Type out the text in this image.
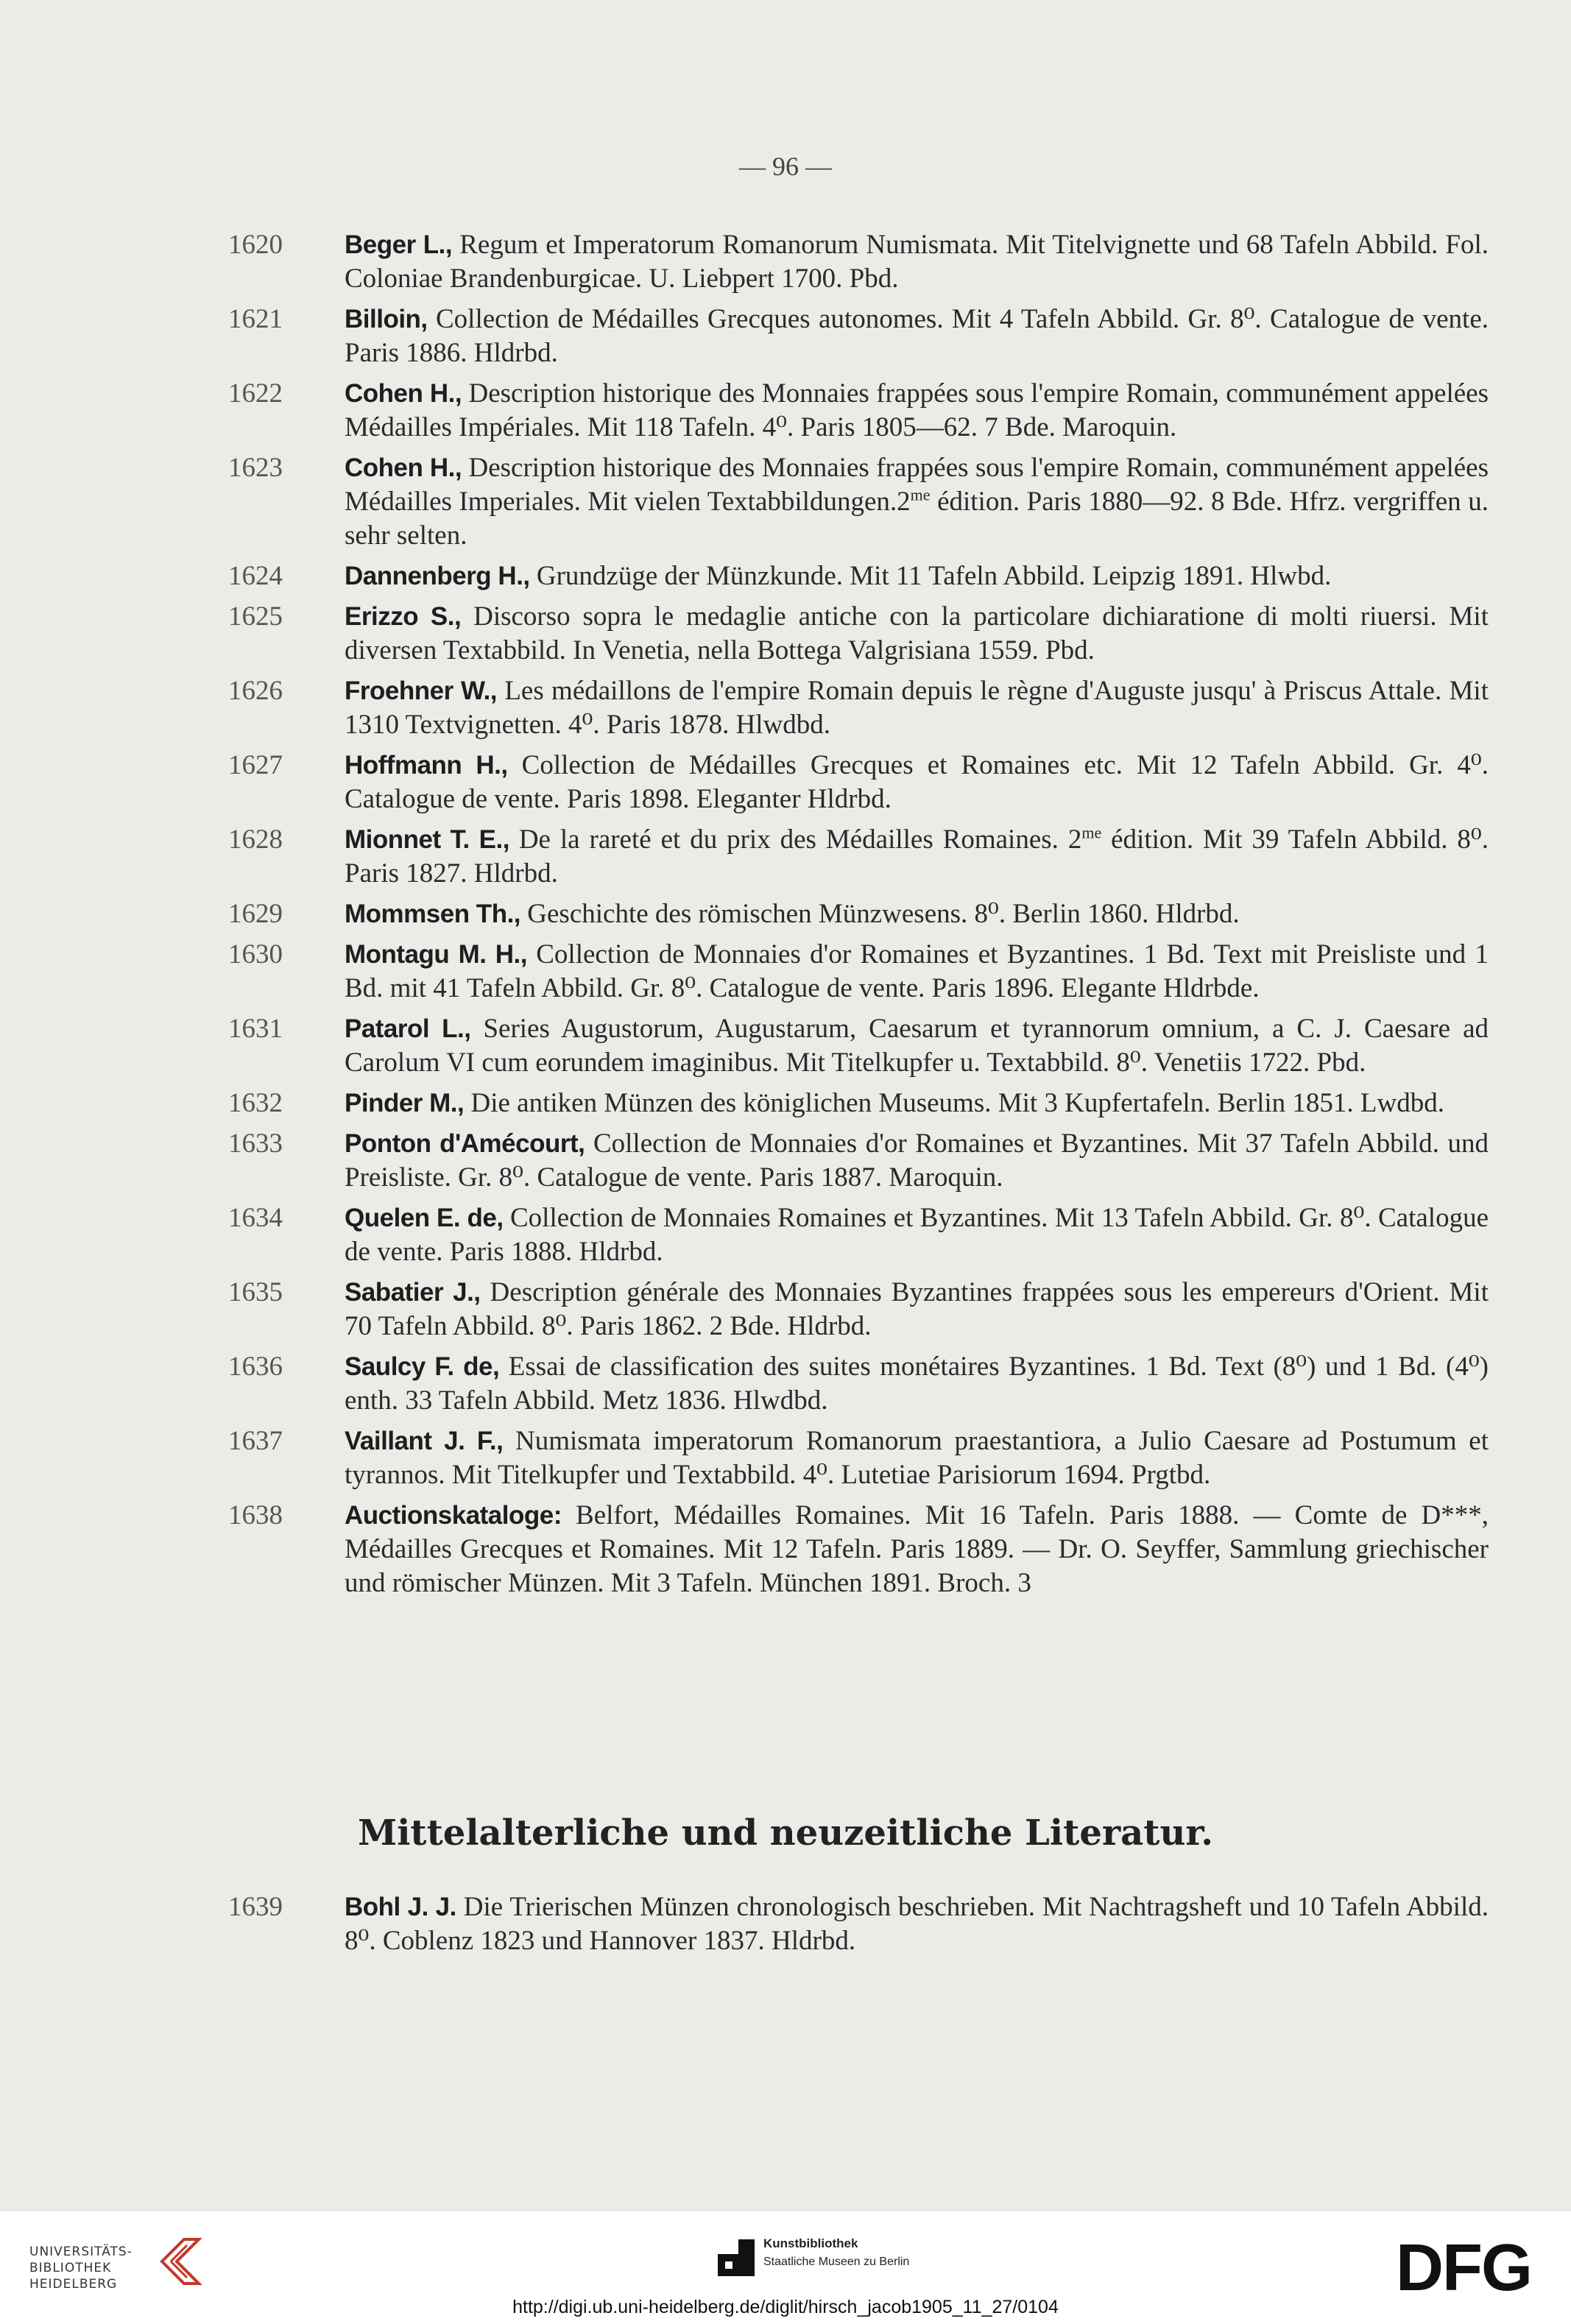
— 96 —
1620 Beger L., Regum et Imperatorum Romanorum Numismata. Mit Titelvignette und 68 Tafeln Abbild. Fol. Coloniae Brandenburgicae. U. Liebpert 1700. Pbd.
1621 Billoin, Collection de Médailles Grecques autonomes. Mit 4 Tafeln Abbild. Gr. 8⁰. Catalogue de vente. Paris 1886. Hldrbd.
1622 Cohen H., Description historique des Monnaies frappées sous l'empire Romain, communément appelées Médailles Impériales. Mit 118 Tafeln. 4⁰. Paris 1805—62. 7 Bde. Maroquin.
1623 Cohen H., Description historique des Monnaies frappées sous l'empire Romain, communément appelées Médailles Imperiales. Mit vielen $Textabbildungen.2^{me}$ édition. Paris 1880—92. 8 Bde. Hfrz. vergriffen u. sehr selten.
1624 Dannenberg H., Grundzüge der Münzkunde. Mit 11 Tafeln Abbild. Leipzig 1891. Hlwbd.
1625 Erizzo S., Discorso sopra le medaglie antiche con la particolare dichiaratione di molti riuersi. Mit diversen Textabbild. In Venetia, nella Bottega Valgrisiana 1559. Pbd.
1626 Froehner W., Les médaillons de l'empire Romain depuis le règne d'Auguste jusqu' à Priscus Attale. Mit 1310 Textvignetten. 4⁰. Paris 1878. Hlwdbd.
1627 Hoffmann H., Collection de Médailles Grecques et Romaines etc. Mit 12 Tafeln Abbild. Gr. 4⁰. Catalogue de vente. Paris 1898. Eleganter Hldrbd.
1628 Mionnet T. E., De la rareté et du prix des Médailles Romaines. $2^{me}$ édition. Mit 39 Tafeln Abbild. 8⁰. Paris 1827. Hldrbd.
1629 Mommsen Th., Geschichte des römischen Münzwesens. 8⁰. Berlin 1860. Hldrbd.
1630 Montagu M. H., Collection de Monnaies d'or Romaines et Byzantines. 1 Bd. Text mit Preisliste und 1 Bd. mit 41 Tafeln Abbild. Gr. 8⁰. Catalogue de vente. Paris 1896. Elegante Hldrbde.
1631 Patarol L., Series Augustorum, Augustarum, Caesarum et tyrannorum omnium, a C. J. Caesare ad Carolum VI cum eorundem imaginibus. Mit Titelkupfer u. Textabbild. 8⁰. Venetiis 1722. Pbd.
1632 Pinder M., Die antiken Münzen des königlichen Museums. Mit 3 Kupfertafeln. Berlin 1851. Lwdbd.
1633 Ponton d'Amécourt, Collection de Monnaies d'or Romaines et Byzantines. Mit 37 Tafeln Abbild. und Preisliste. Gr. 8⁰. Catalogue de vente. Paris 1887. Maroquin.
1634 Quelen E. de, Collection de Monnaies Romaines et Byzantines. Mit 13 Tafeln Abbild. Gr. 8⁰. Catalogue de vente. Paris 1888. Hldrbd.
1635 Sabatier J., Description générale des Monnaies Byzantines frappées sous les empereurs d'Orient. Mit 70 Tafeln Abbild. 8⁰. Paris 1862. 2 Bde. Hldrbd.
1636 Saulcy F. de, Essai de classification des suites monétaires Byzantines. 1 Bd. Text (8⁰) und 1 Bd. (4⁰) enth. 33 Tafeln Abbild. Metz 1836. Hlwdbd.
1637 Vaillant J. F., Numismata imperatorum Romanorum praestantiora, a Julio Caesare ad Postumum et tyrannos. Mit Titelkupfer und Textabbild. 4⁰. Lutetiae Parisiorum 1694. Prgtbd.
1638 Auctionskataloge: Belfort, Médailles Romaines. Mit 16 Tafeln. Paris 1888. — Comte de D***, Médailles Grecques et Romaines. Mit 12 Tafeln. Paris 1889. — Dr. O. Seyffer, Sammlung griechischer und römischer Münzen. Mit 3 Tafeln. München 1891. Broch. 3
Mittelalterliche und neuzeitliche Literatur.
1639 Bohl J. J. Die Trierischen Münzen chronologisch beschrieben. Mit Nachtragsheft und 10 Tafeln Abbild. 8⁰. Coblenz 1823 und Hannover 1837. Hldrbd.
UNIVERSITÄTS-
BIBLIOTHEK
HEIDELBERG
Kunstbibliothek
Staatliche Museen zu Berlin	DFG
http://digi.ub.uni-heidelberg.de/diglit/hirsch_jacob1905_11_27/0104
